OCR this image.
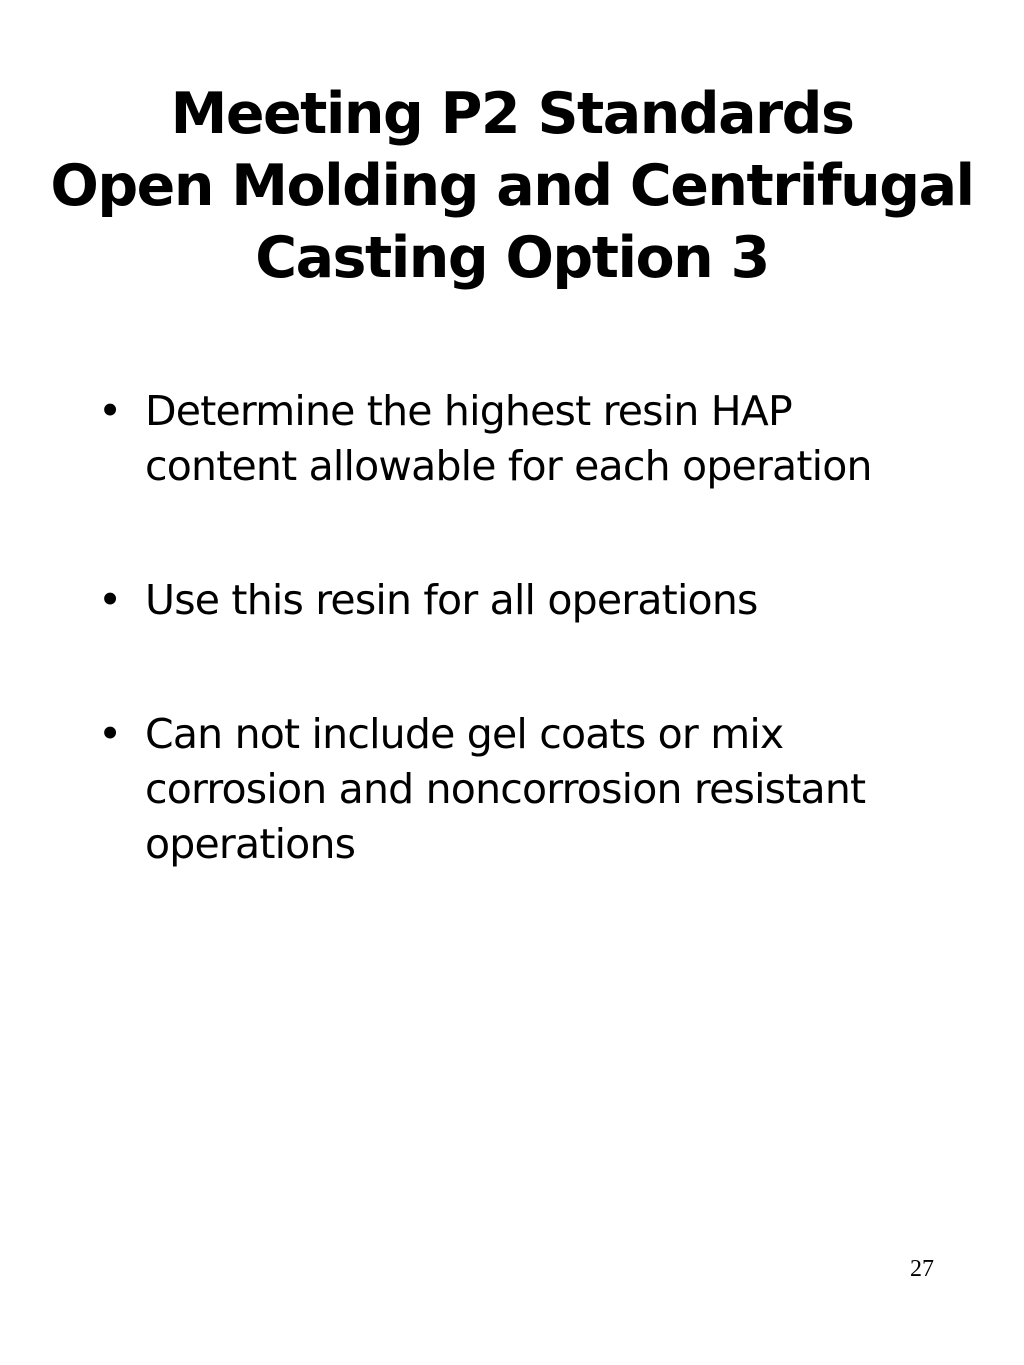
Meeting P2 Standards
Open Molding and Centrifugal
Casting Option 3
• Determine the highest resin HAP
content allowable for each operation
• Use this resin for all operations
• Can not include gel coats or mix
corrosion and noncorrosion resistant
operations
27
